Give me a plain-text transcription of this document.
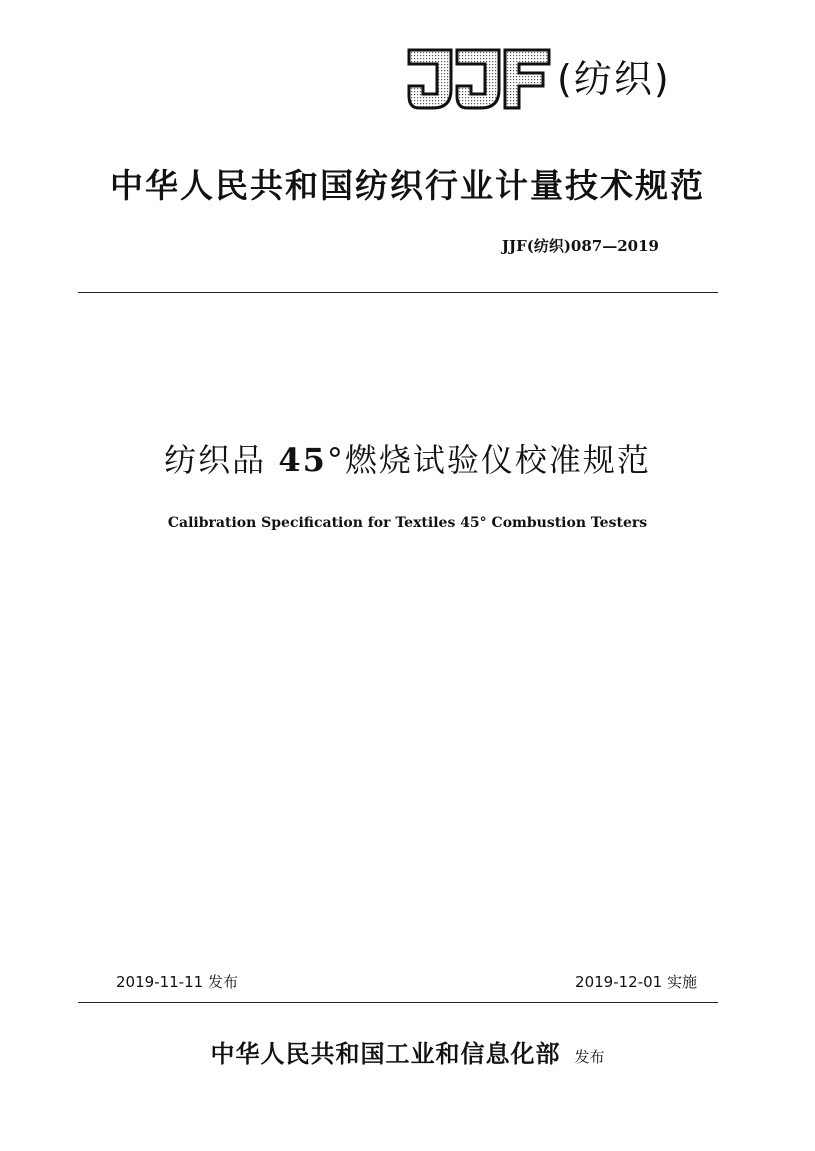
(纺织)
中华人民共和国纺织行业计量技术规范
JJF(纺织)087—2019
纺织品 45°燃烧试验仪校准规范
Calibration Specification for Textiles 45° Combustion Testers
2019-11-11 发布	2019-12-01 实施
中华人民共和国工业和信息化部 发布
